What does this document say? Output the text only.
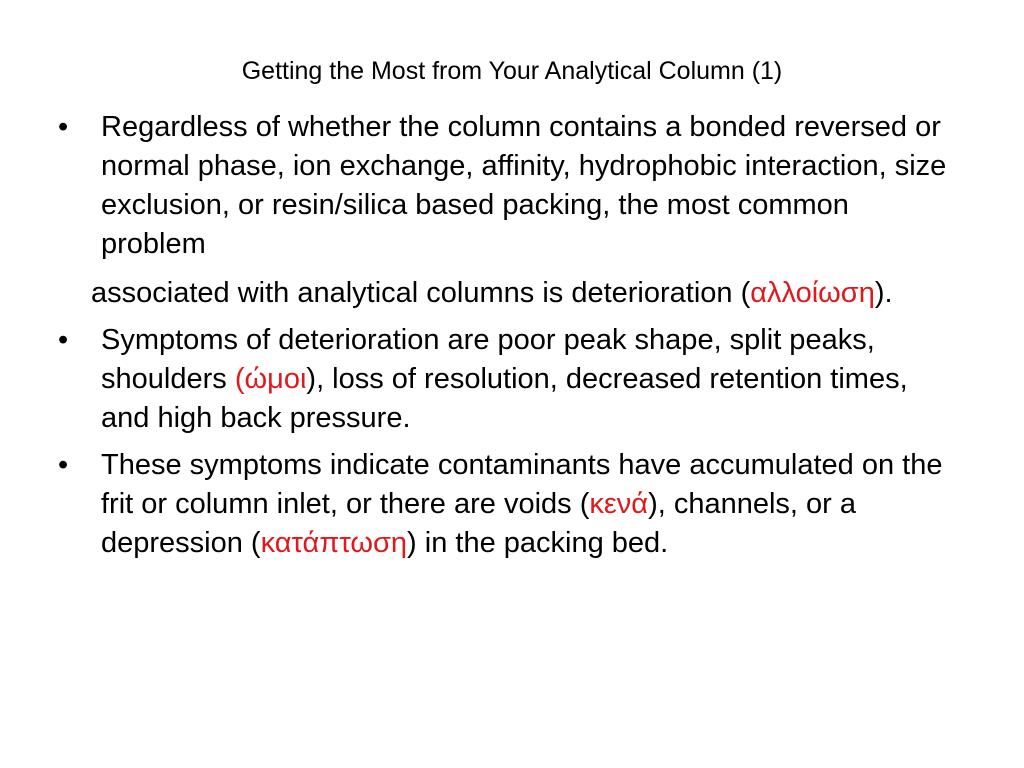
Getting the Most from Your Analytical Column (1)
• Regardless of whether the column contains a bonded reversed or normal phase, ion exchange, affinity, hydrophobic interaction, size exclusion, or resin/silica based packing, the most common problem
associated with analytical columns is deterioration (αλλοίωση).
• Symptoms of deterioration are poor peak shape, split peaks, shoulders (ώμοι), loss of resolution, decreased retention times, and high back pressure.
• These symptoms indicate contaminants have accumulated on the frit or column inlet, or there are voids (κενά), channels, or a depression (κατάπτωση) in the packing bed.
